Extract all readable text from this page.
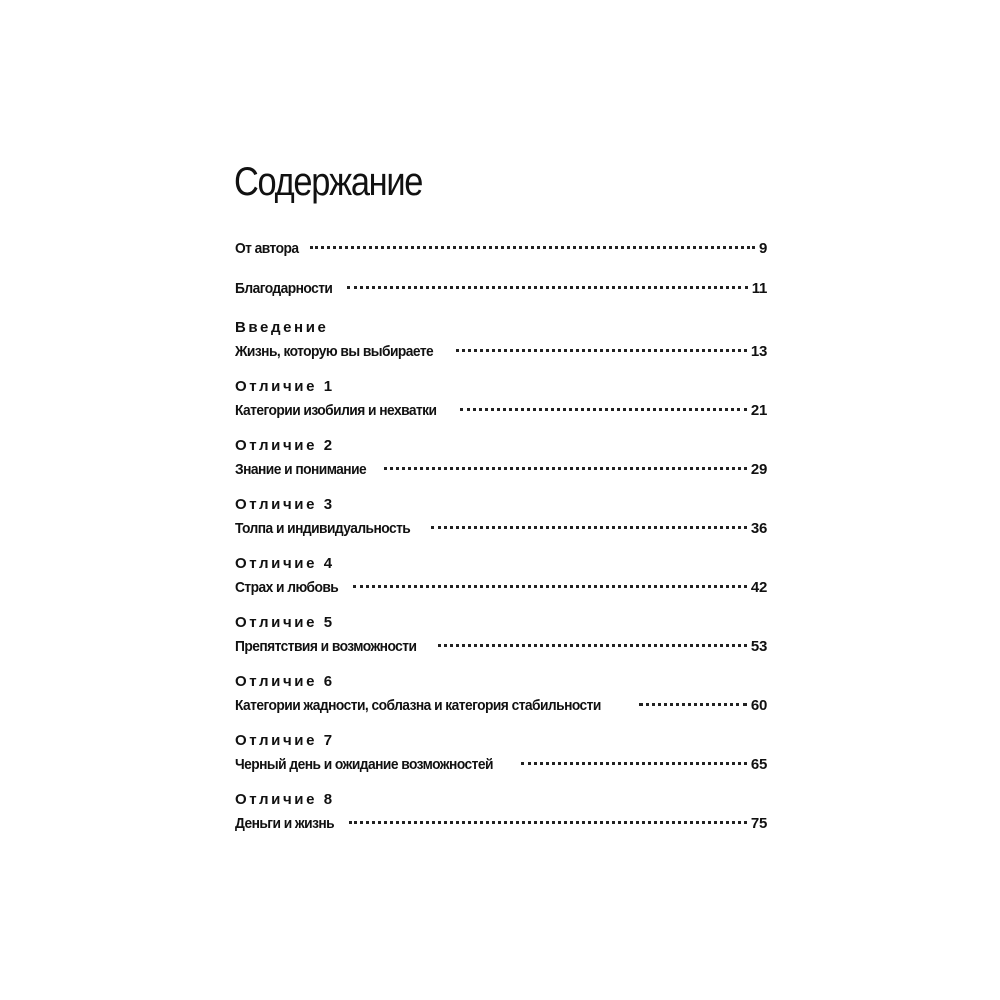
Содержание
От автора	9
Благодарности	11
Введение
Жизнь, которую вы выбираете	13
Отличие 1
Категории изобилия и нехватки	21
Отличие 2
Знание и понимание	29
Отличие 3
Толпа и индивидуальность	36
Отличие 4
Страх и любовь	42
Отличие 5
Препятствия и возможности	53
Отличие 6
Категории жадности, соблазна и категория стабильности	60
Отличие 7
Черный день и ожидание возможностей	65
Отличие 8
Деньги и жизнь	75
